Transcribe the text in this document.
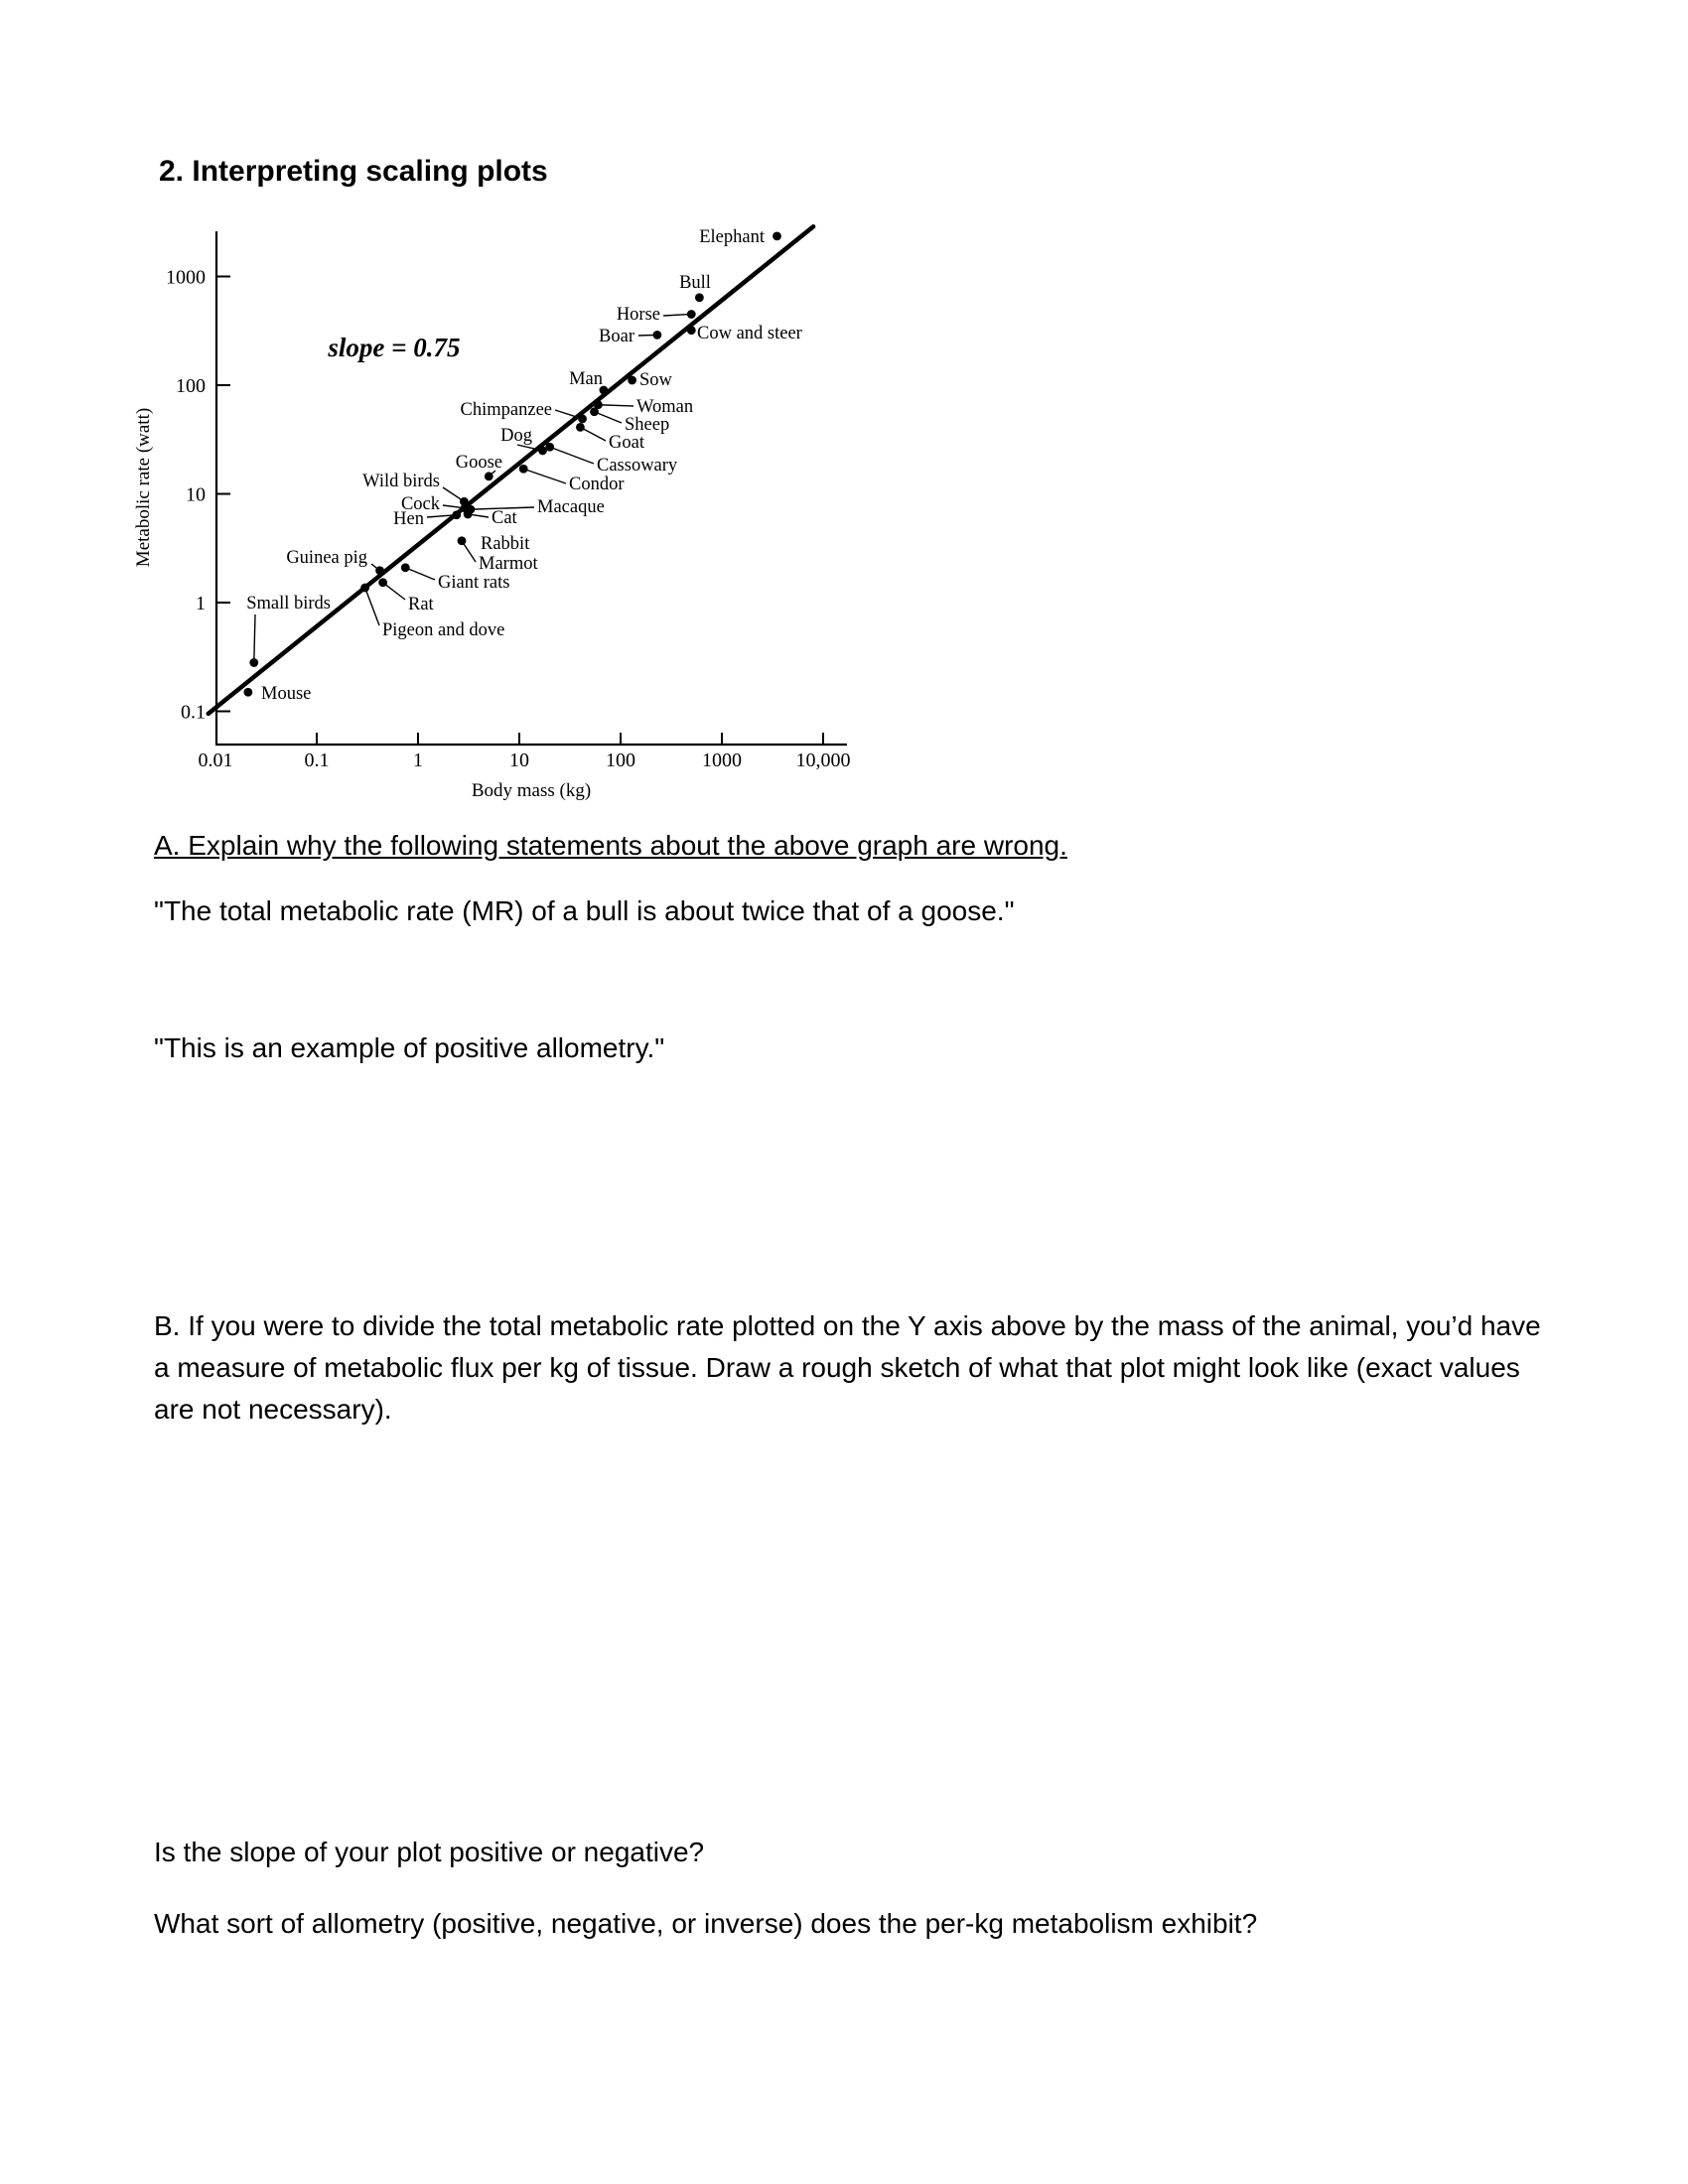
2. Interpreting scaling plots
1000
100
10
1
0.1
0.01	0.1	1	10	100	1000	10,000
Body mass (kg)
Metabolic rate (watt)
slope = 0.75
Elephant
Bull
Horse
Cow and steer
Boar
Sow
Man
Woman
Chimpanzee
Sheep
Goat
Dog
Cassowary
Condor
Goose
Macaque
Wild birds
Cock
Hen	Cat
Rabbit
Marmot
Guinea pig
Giant rats
Rat
Pigeon and dove
Small birds
Mouse

A. Explain why the following statements about the above graph are wrong.

"The total metabolic rate (MR) of a bull is about twice that of a goose."

"This is an example of positive allometry."

B. If you were to divide the total metabolic rate plotted on the Y axis above by the mass of the animal, you’d have a measure of metabolic flux per kg of tissue. Draw a rough sketch of what that plot might look like (exact values are not necessary).

Is the slope of your plot positive or negative?

What sort of allometry (positive, negative, or inverse) does the per-kg metabolism exhibit?
